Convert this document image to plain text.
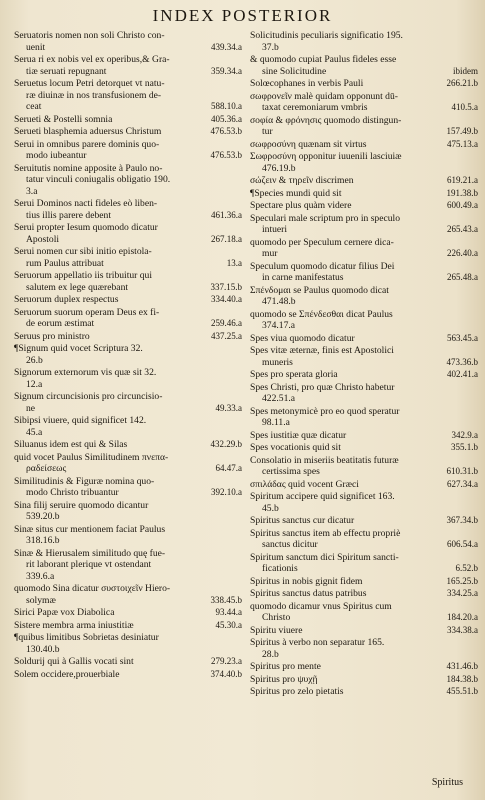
INDEX POSTERIOR
Seruatoris nomen non soli Christo con-
439.34.a
uenit
Serua ri ex nobis vel ex operibus,& Gra-
359.34.a
tiæ seruati repugnant
Seruetus locum Petri detorquet vt natu-
ræ diuinæ in nos transfusionem de-
588.10.a
ceat
405.36.a
Serueti & Postelli somnia
476.53.b
Serueti blasphemia aduersus Christum
Serui in omnibus parere dominis quo-
476.53.b
modo iubeantur
Seruitutis nomine apposite à Paulo no-
tatur vinculi coniugalis obligatio 190.
3.a
Serui Dominos nacti fideles eò liben-
461.36.a
tius illis parere debent
Serui propter Iesum quomodo dicatur
267.18.a
Apostoli
Serui nomen cur sibi initio epistola-
13.a
rum Paulus attribuat
Seruorum appellatio iis tribuitur qui
337.15.b
salutem ex lege quærebant
334.40.a
Seruorum duplex respectus
Seruorum suorum operam Deus ex fi-
259.46.a
de eorum æstimat
437.25.a
Seruus pro ministro
¶Signum quid vocet Scriptura 32.
26.b
Signorum externorum vis quæ sit 32.
12.a
Signum circuncisionis pro circuncisio-
49.33.a
ne
Sibipsi viuere, quid significet 142.
45.a
432.29.b
Siluanus idem est qui & Silas
quid vocet Paulus Similitudinem πνεπα-
64.47.a
ραδείσεως
Similitudinis & Figuræ nomina quo-
392.10.a
modo Christo tribuantur
Sina filij seruire quomodo dicantur
539.20.b
Sinæ situs cur mentionem faciat Paulus
318.16.b
Sinæ & Hierusalem similitudo quę fue-
rit laborant plerique vt ostendant
339.6.a
quomodo Sina dicatur συστοιχεῖν Hiero-
338.45.b
solymæ
93.44.a
Sirici Papæ vox Diabolica
45.30.a
Sistere membra arma iniustitiæ
¶quibus limitibus Sobrietas desiniatur
130.40.b
279.23.a
Soldurij qui à Gallis vocati sint
374.40.b
Solem occidere,prouerbiale
Solicitudinis peculiaris significatio 195.
37.b
& quomodo cupiat Paulus fideles esse
ibidem
sine Solicitudine
266.21.b
Solœcophanes in verbis Pauli
σωφρονεῖν malè quidam opponunt dū-
410.5.a
taxat ceremoniarum vmbris
σοφία & φρόνησις quomodo distingun-
157.49.b
tur
475.13.a
σωφροσύνη quænam sit virtus
Σωφροσύνη opponitur iuuenili lasciuiæ
476.19.b
619.21.a
σώζειν & τηρεῖν discrimen
191.38.b
¶Species mundi quid sit
600.49.a
Spectare plus quàm videre
Speculari male scriptum pro in speculo
265.43.a
intueri
quomodo per Speculum cernere dica-
226.40.a
mur
Speculum quomodo dicatur filius Dei
265.48.a
in carne manifestatus
Σπένδομαι se Paulus quomodo dicat
471.48.b
quomodo se Σπένδεσθαι dicat Paulus
374.17.a
563.45.a
Spes viua quomodo dicatur
Spes vitæ æternæ, finis est Apostolici
473.36.b
muneris
402.41.a
Spes pro sperata gloria
Spes Christi, pro quæ Christo habetur
422.51.a
Spes metonymicè pro eo quod speratur
98.11.a
342.9.a
Spes iustitiæ quæ dicatur
355.1.b
Spes vocationis quid sit
Consolatio in miseriis beatitatis futuræ
610.31.b
certissima spes
627.34.a
σπιλάδας quid vocent Græci
Spiritum accipere quid significet 163.
45.b
367.34.b
Spiritus sanctus cur dicatur
Spiritus sanctus item ab effectu propriè
606.54.a
sanctus dicitur
Spiritum sanctum dici Spiritum sancti-
6.52.b
ficationis
165.25.b
Spiritus in nobis gignit fidem
334.25.a
Spiritus sanctus datus patribus
quomodo dicamur vnus Spiritus cum
184.20.a
Christo
334.38.a
Spiritu viuere
Spiritus à verbo non separatur 165.
28.b
431.46.b
Spiritus pro mente
184.38.b
Spiritus pro ψυχῇ
455.51.b
Spiritus pro zelo pietatis
Spiritus
